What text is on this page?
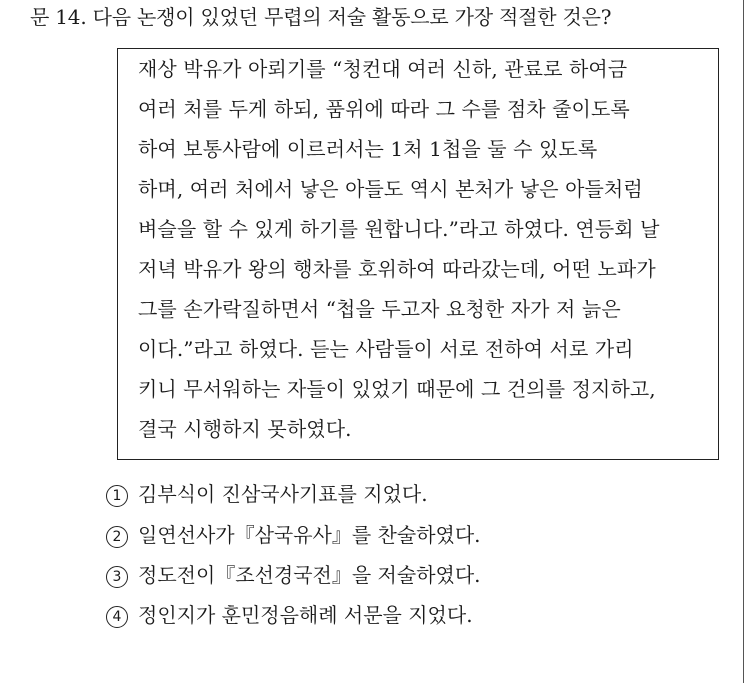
문 14. 다음 논쟁이 있었던 무렵의 저술 활동으로 가장 적절한 것은?
재상 박유가 아뢰기를 “청컨대 여러 신하, 관료로 하여금
여러 처를 두게 하되, 품위에 따라 그 수를 점차 줄이도록
하여 보통사람에 이르러서는 1처 1첩을 둘 수 있도록
하며, 여러 처에서 낳은 아들도 역시 본처가 낳은 아들처럼
벼슬을 할 수 있게 하기를 원합니다.”라고 하였다. 연등회 날
저녁 박유가 왕의 행차를 호위하여 따라갔는데, 어떤 노파가
그를 손가락질하면서 “첩을 두고자 요청한 자가 저 늙은
이다.”라고 하였다. 듣는 사람들이 서로 전하여 서로 가리
키니 무서워하는 자들이 있었기 때문에 그 건의를 정지하고,
결국 시행하지 못하였다.
1 김부식이 진삼국사기표를 지었다.
2 일연선사가『삼국유사』를 찬술하였다.
3 정도전이『조선경국전』을 저술하였다.
4 정인지가 훈민정음해례 서문을 지었다.
